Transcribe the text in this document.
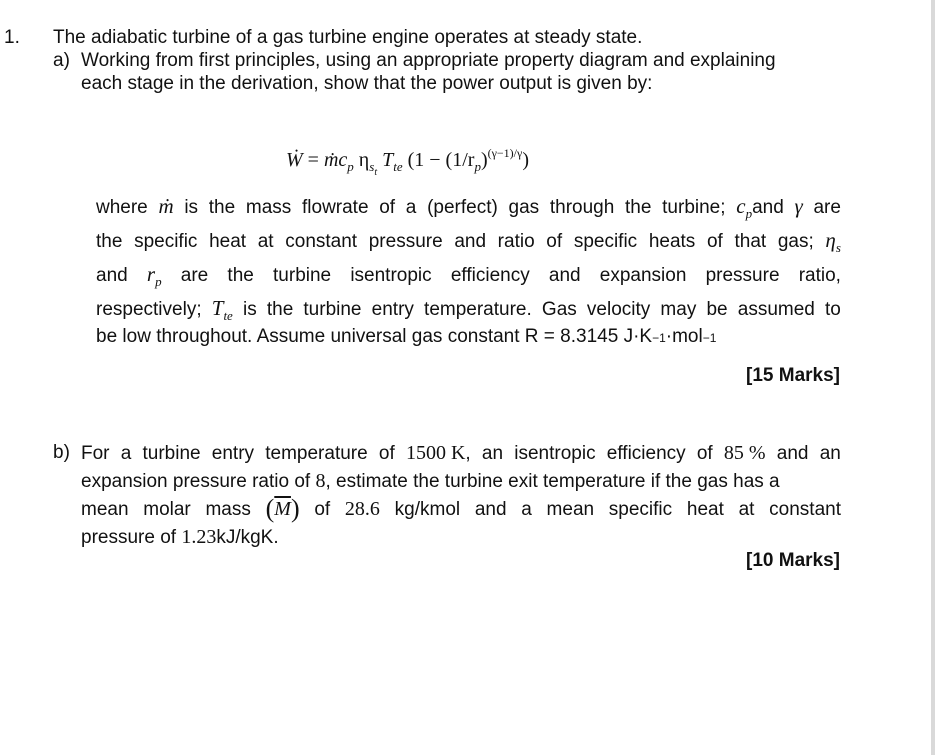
1. The adiabatic turbine of a gas turbine engine operates at steady state.
a) Working from first principles, using an appropriate property diagram and explaining
each stage in the derivation, show that the power output is given by:
Ẇ = ṁc$_p$ $\eta_{s_t}$ $T_{te}$ $(1 - (1/r_p)^{(\gamma-1)/\gamma})$
where ṁ is the mass flowrate of a (perfect) gas through the turbine; $c_pand$ γ are
the specific heat at constant pressure and ratio of specific heats of that gas; $\eta_s$
and $r_p$ are the turbine isentropic efficiency and expansion pressure ratio,
respectively; $T_{te}$ is the turbine entry temperature. Gas velocity may be assumed to
be low throughout. Assume universal gas constant R = 8.3145 J·K −1 ·mol −1
[15 Marks]
b) For a turbine entry temperature of 1500 K, an isentropic efficiency of 85 % and an
expansion pressure ratio of 8, estimate the turbine exit temperature if the gas has a
mean molar mass $(\overline{M})$ of 28.6 kg/kmol and a mean specific heat at constant
pressure of
1.23 kJ/kgK.
[10 Marks]
